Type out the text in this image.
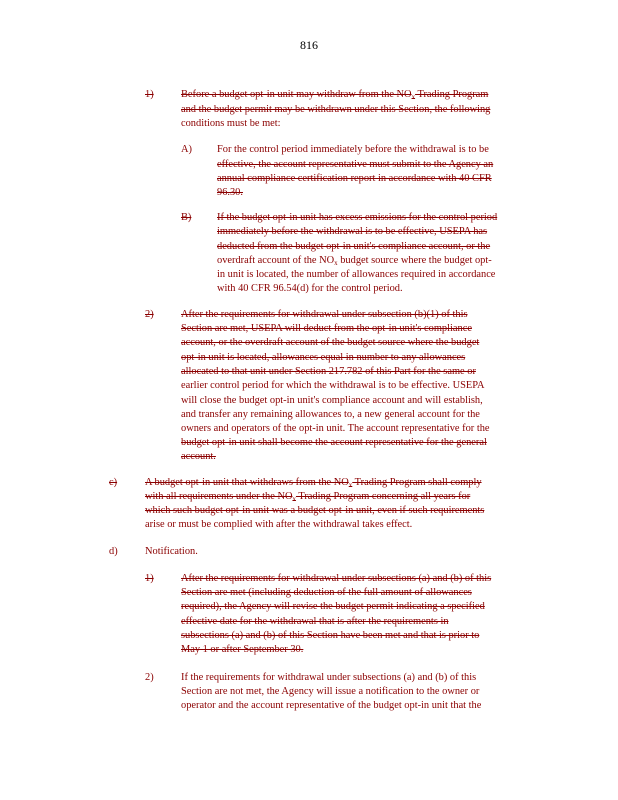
816
1)	Before a budget opt-in unit may withdraw from the $NO_x$ Trading Program
and the budget permit may be withdrawn under this Section, the following
conditions must be met:
A) For the control period immediately before the withdrawal is to be
effective, the account representative must submit to the Agency an
annual compliance certification report in accordance with 40 CFR
96.30.
B) If the budget opt-in unit has excess emissions for the control period
immediately before the withdrawal is to be effective, USEPA has
deducted from the budget opt-in unit's compliance account, or the
overdraft account of the $NO_x$ budget source where the budget opt-
in unit is located, the number of allowances required in accordance
with 40 CFR 96.54(d) for the control period.
2)	After the requirements for withdrawal under subsection (b)(1) of this
Section are met, USEPA will deduct from the opt-in unit's compliance
account, or the overdraft account of the budget source where the budget
opt-in unit is located, allowances equal in number to any allowances
allocated to that unit under Section 217.782 of this Part for the same or
earlier control period for which the withdrawal is to be effective. USEPA
will close the budget opt-in unit's compliance account and will establish,
and transfer any remaining allowances to, a new general account for the
owners and operators of the opt-in unit. The account representative for the
budget opt-in unit shall become the account representative for the general
account.
c)	A budget opt-in unit that withdraws from the $NO_x$ Trading Program shall comply
with all requirements under the $NO_x$ Trading Program concerning all years for
which such budget opt-in unit was a budget opt-in unit, even if such requirements
arise or must be complied with after the withdrawal takes effect.
d)	Notification.
1)	After the requirements for withdrawal under subsections (a) and (b) of this
Section are met (including deduction of the full amount of allowances
required), the Agency will revise the budget permit indicating a specified
effective date for the withdrawal that is after the requirements in
subsections (a) and (b) of this Section have been met and that is prior to
May 1 or after September 30.
2)	If the requirements for withdrawal under subsections (a) and (b) of this
Section are not met, the Agency will issue a notification to the owner or
operator and the account representative of the budget opt-in unit that the
